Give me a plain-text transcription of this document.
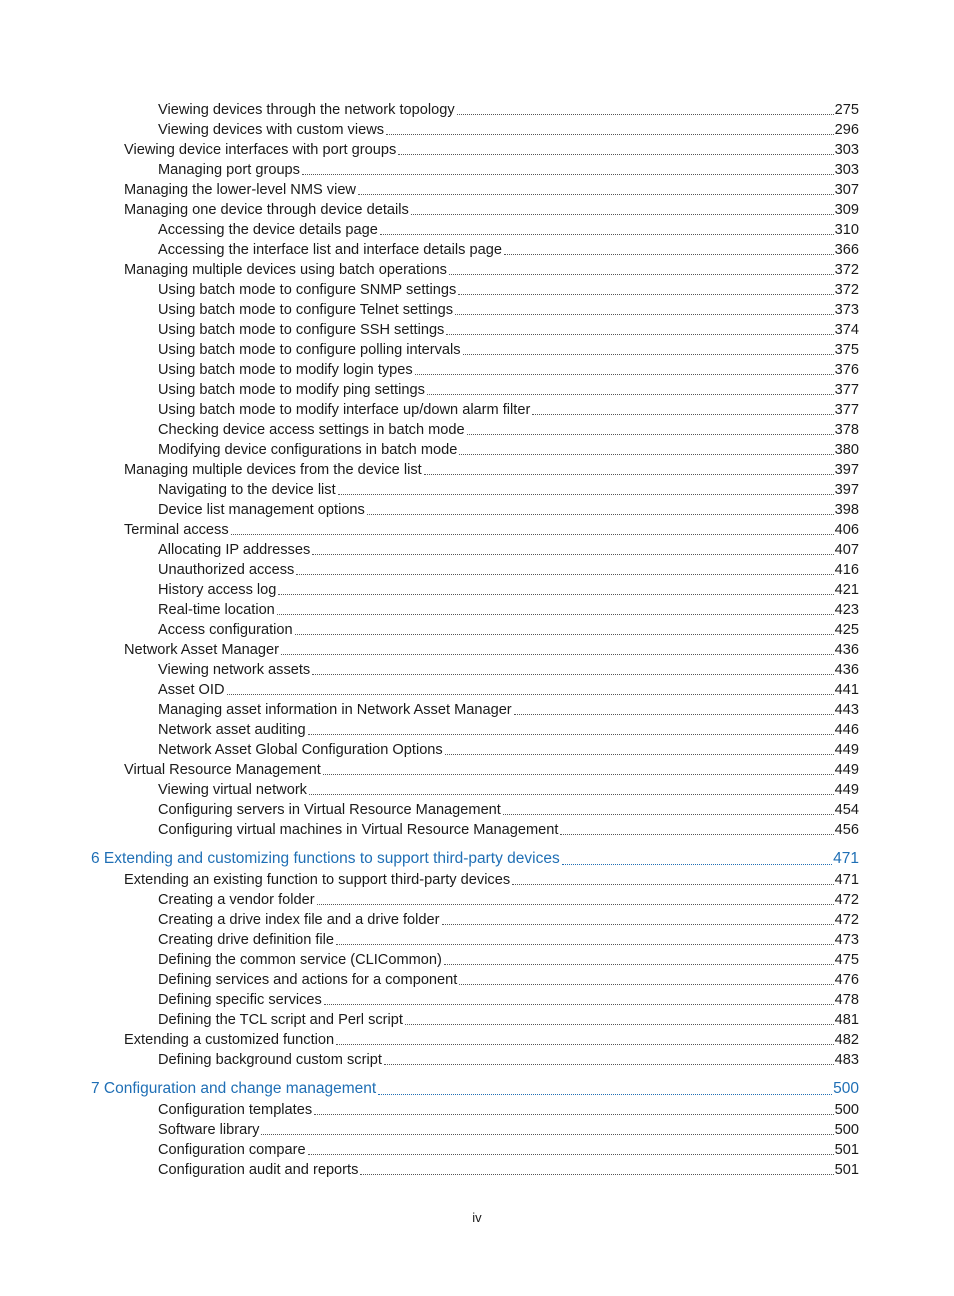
Viewing devices through the network topology	275
Viewing devices with custom views	296
Viewing device interfaces with port groups	303
Managing port groups	303
Managing the lower-level NMS view	307
Managing one device through device details	309
Accessing the device details page	310
Accessing the interface list and interface details page	366
Managing multiple devices using batch operations	372
Using batch mode to configure SNMP settings	372
Using batch mode to configure Telnet settings	373
Using batch mode to configure SSH settings	374
Using batch mode to configure polling intervals	375
Using batch mode to modify login types	376
Using batch mode to modify ping settings	377
Using batch mode to modify interface up/down alarm filter	377
Checking device access settings in batch mode	378
Modifying device configurations in batch mode	380
Managing multiple devices from the device list	397
Navigating to the device list	397
Device list management options	398
Terminal access	406
Allocating IP addresses	407
Unauthorized access	416
History access log	421
Real-time location	423
Access configuration	425
Network Asset Manager	436
Viewing network assets	436
Asset OID	441
Managing asset information in Network Asset Manager	443
Network asset auditing	446
Network Asset Global Configuration Options	449
Virtual Resource Management	449
Viewing virtual network	449
Configuring servers in Virtual Resource Management	454
Configuring virtual machines in Virtual Resource Management	456
6 Extending and customizing functions to support third-party devices	471
Extending an existing function to support third-party devices	471
Creating a vendor folder	472
Creating a drive index file and a drive folder	472
Creating drive definition file	473
Defining the common service (CLICommon)	475
Defining services and actions for a component	476
Defining specific services	478
Defining the TCL script and Perl script	481
Extending a customized function	482
Defining background custom script	483
7 Configuration and change management	500
Configuration templates	500
Software library	500
Configuration compare	501
Configuration audit and reports	501
iv
